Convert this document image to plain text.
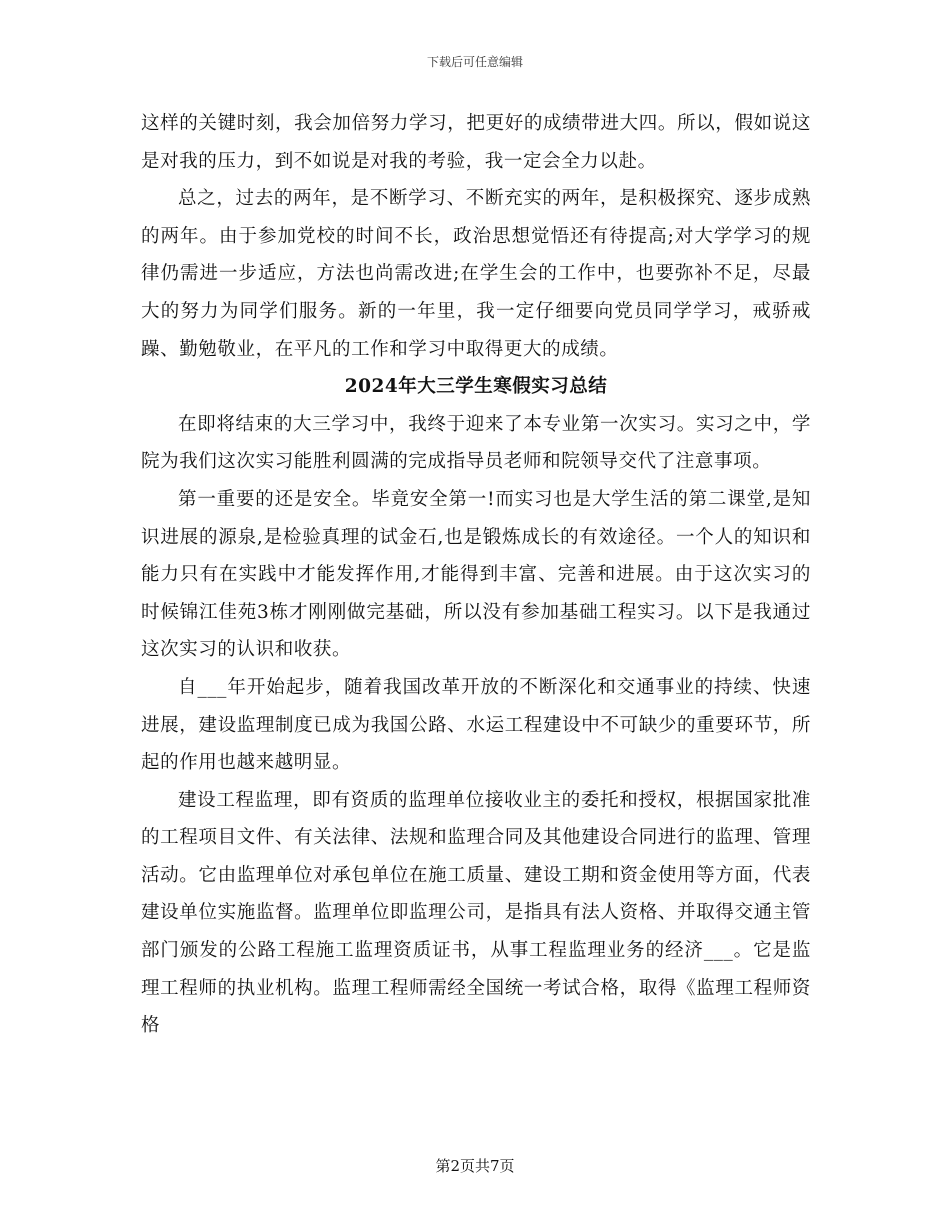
下载后可任意编辑

这样的关键时刻，我会加倍努力学习，把更好的成绩带进大四。所以，假如说这是对我的压力，到不如说是对我的考验，我一定会全力以赴。

总之，过去的两年，是不断学习、不断充实的两年，是积极探究、逐步成熟的两年。由于参加党校的时间不长，政治思想觉悟还有待提高;对大学学习的规律仍需进一步适应，方法也尚需改进;在学生会的工作中，也要弥补不足，尽最大的努力为同学们服务。新的一年里，我一定仔细要向党员同学学习，戒骄戒躁、勤勉敬业，在平凡的工作和学习中取得更大的成绩。

2024年大三学生寒假实习总结

在即将结束的大三学习中，我终于迎来了本专业第一次实习。实习之中，学院为我们这次实习能胜利圆满的完成指导员老师和院领导交代了注意事项。

第一重要的还是安全。毕竟安全第一!而实习也是大学生活的第二课堂,是知识进展的源泉,是检验真理的试金石,也是锻炼成长的有效途径。一个人的知识和能力只有在实践中才能发挥作用,才能得到丰富、完善和进展。由于这次实习的时候锦江佳苑3栋才刚刚做完基础，所以没有参加基础工程实习。以下是我通过这次实习的认识和收获。

自___年开始起步，随着我国改革开放的不断深化和交通事业的持续、快速进展，建设监理制度已成为我国公路、水运工程建设中不可缺少的重要环节，所起的作用也越来越明显。

建设工程监理，即有资质的监理单位接收业主的委托和授权，根据国家批准的工程项目文件、有关法律、法规和监理合同及其他建设合同进行的监理、管理活动。它由监理单位对承包单位在施工质量、建设工期和资金使用等方面，代表建设单位实施监督。监理单位即监理公司，是指具有法人资格、并取得交通主管部门颁发的公路工程施工监理资质证书，从事工程监理业务的经济___。它是监理工程师的执业机构。监理工程师需经全国统一考试合格，取得《监理工程师资格

第2页共7页
